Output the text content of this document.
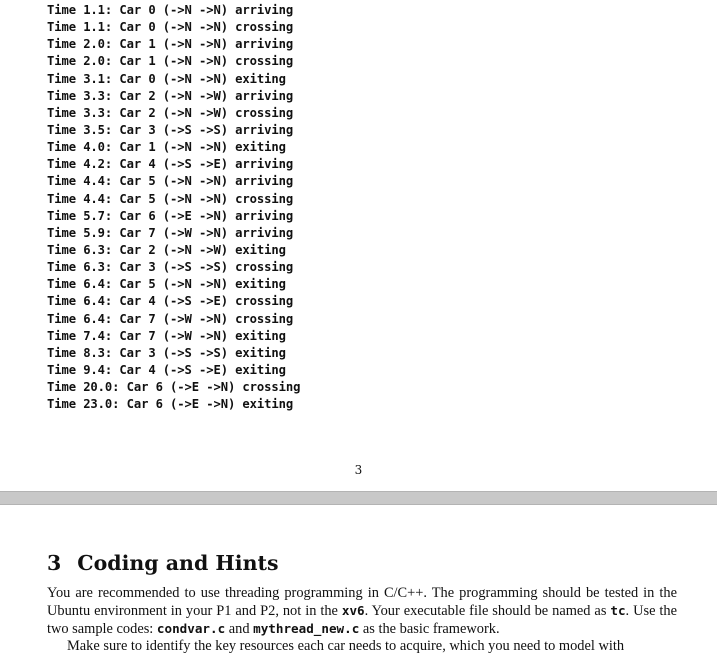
Time 1.1: Car 0 (->N ->N) arriving
Time 1.1: Car 0 (->N ->N) crossing
Time 2.0: Car 1 (->N ->N) arriving
Time 2.0: Car 1 (->N ->N) crossing
Time 3.1: Car 0 (->N ->N) exiting
Time 3.3: Car 2 (->N ->W) arriving
Time 3.3: Car 2 (->N ->W) crossing
Time 3.5: Car 3 (->S ->S) arriving
Time 4.0: Car 1 (->N ->N) exiting
Time 4.2: Car 4 (->S ->E) arriving
Time 4.4: Car 5 (->N ->N) arriving
Time 4.4: Car 5 (->N ->N) crossing
Time 5.7: Car 6 (->E ->N) arriving
Time 5.9: Car 7 (->W ->N) arriving
Time 6.3: Car 2 (->N ->W) exiting
Time 6.3: Car 3 (->S ->S) crossing
Time 6.4: Car 5 (->N ->N) exiting
Time 6.4: Car 4 (->S ->E) crossing
Time 6.4: Car 7 (->W ->N) crossing
Time 7.4: Car 7 (->W ->N) exiting
Time 8.3: Car 3 (->S ->S) exiting
Time 9.4: Car 4 (->S ->E) exiting
Time 20.0: Car 6 (->E ->N) crossing
Time 23.0: Car 6 (->E ->N) exiting
3
3 Coding and Hints

You are recommended to use threading programming in C/C++. The programming should be tested in the Ubuntu environment in your P1 and P2, not in the xv6. Your executable file should be named as tc. Use the two sample codes: condvar.c and mythread_new.c as the basic framework.

Make sure to identify the key resources each car needs to acquire, which you need to model with
